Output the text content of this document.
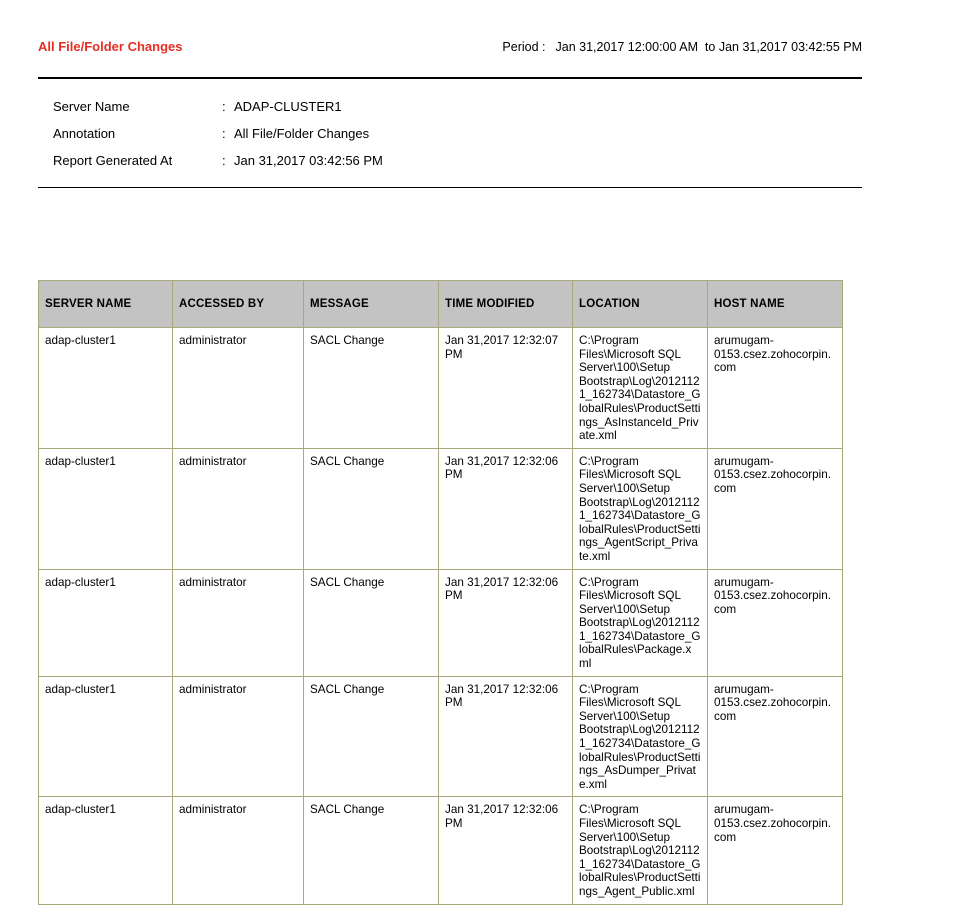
All File/Folder Changes	Period : Jan 31,2017 12:00:00 AM  to Jan 31,2017 03:42:55 PM
Server Name	: ADAP-CLUSTER1
Annotation	: All File/Folder Changes
Report Generated At	: Jan 31,2017 03:42:56 PM
SERVER NAME	ACCESSED BY	MESSAGE	TIME MODIFIED	LOCATION	HOST NAME
adap-cluster1	administrator	SACL Change	Jan 31,2017 12:32:07 PM	C:\Program Files\Microsoft SQL Server\100\Setup Bootstrap\Log\20121121_162734\Datastore_GlobalRules\ProductSettings_AsInstanceId_Private.xml	arumugam-0153.csez.zohocorpin.com
adap-cluster1	administrator	SACL Change	Jan 31,2017 12:32:06 PM	C:\Program Files\Microsoft SQL Server\100\Setup Bootstrap\Log\20121121_162734\Datastore_GlobalRules\ProductSettings_AgentScript_Private.xml	arumugam-0153.csez.zohocorpin.com
adap-cluster1	administrator	SACL Change	Jan 31,2017 12:32:06 PM	C:\Program Files\Microsoft SQL Server\100\Setup Bootstrap\Log\20121121_162734\Datastore_GlobalRules\Package.xml	arumugam-0153.csez.zohocorpin.com
adap-cluster1	administrator	SACL Change	Jan 31,2017 12:32:06 PM	C:\Program Files\Microsoft SQL Server\100\Setup Bootstrap\Log\20121121_162734\Datastore_GlobalRules\ProductSettings_AsDumper_Private.xml	arumugam-0153.csez.zohocorpin.com
adap-cluster1	administrator	SACL Change	Jan 31,2017 12:32:06 PM	C:\Program Files\Microsoft SQL Server\100\Setup Bootstrap\Log\20121121_162734\Datastore_GlobalRules\ProductSettings_Agent_Public.xml	arumugam-0153.csez.zohocorpin.com
